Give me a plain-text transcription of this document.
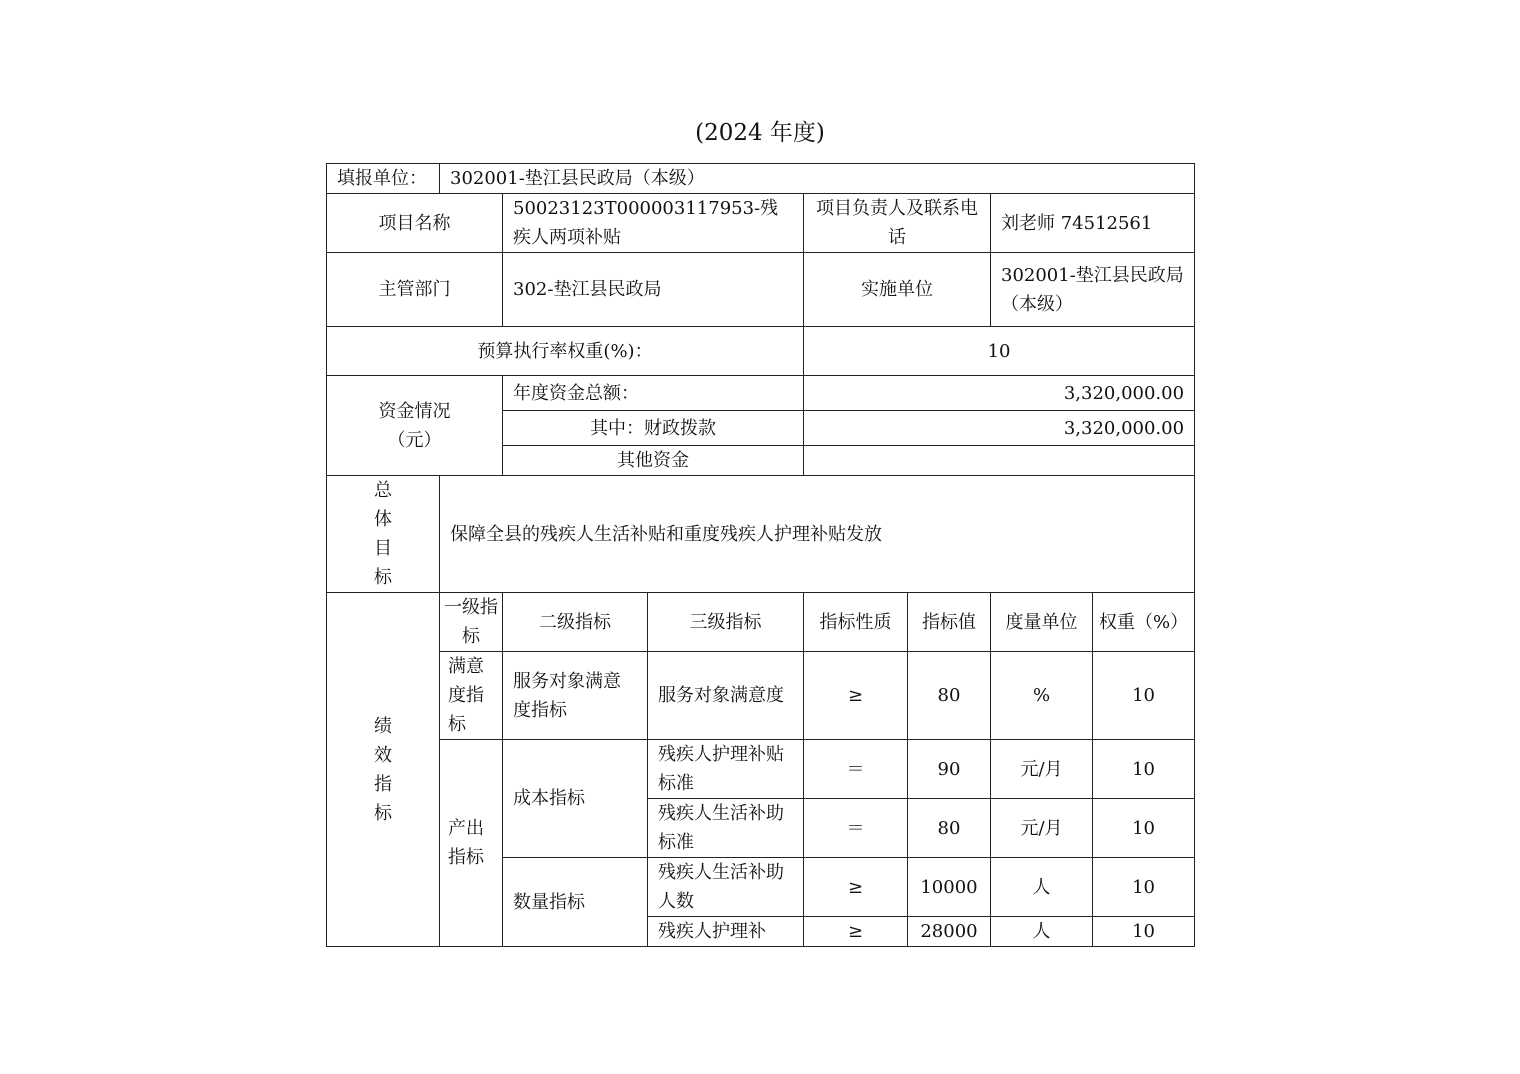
(2024 年度)
填报单位：	302001-垫江县民政局（本级）						
项目名称		50023123T000003117953-残疾人两项补贴		项目负责人及联系电话		刘老师 74512561	
主管部门		302-垫江县民政局		实施单位		302001-垫江县民政局（本级）	
预算执行率权重(%)：				10			

资金情况
（元）		年度资金总额：		3,320,000.00			
		其中：财政拨款		3,320,000.00			
		其他资金					

总
体
目
标	保障全县的残疾人生活补贴和重度残疾人护理补贴发放						

绩
效
指
标	一级指标	二级指标	三级指标	指标性质	指标值	度量单位	权重（%）
	满意度指标	服务对象满意度指标	服务对象满意度	≥	80	%	10
	产出指标	成本指标	残疾人护理补贴标准	＝	90	元/月	10
			残疾人生活补助标准	＝	80	元/月	10
		数量指标	残疾人生活补助人数	≥	10000	人	10
			残疾人护理补	≥	28000	人	10
